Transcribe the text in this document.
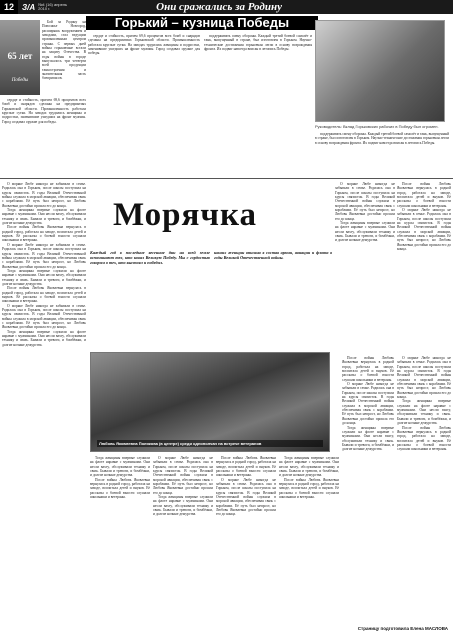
12	З/А №4 (16) апрель 2010 г.	Они сражались за Родину
65 лет
Победы
Горький – кузница Победы

Бой за Родину на Поволжье Новгород, расширяясь вооружением и заводами, стал ведущим промышленным центром страны. С первых дней войны горьковчане встали на защиту Отечества. В годы войны в городе выпускалось три четверти всей продукции танкостроения и значительная часть боеприпасов.

сердце и стойкость, причем 69,6 процентов всех бомб и снарядов сделаны на предприятиях Горьковской области. Промышленность работала круглые сутки. На заводах трудились женщины и подростки, заменившие ушедших на фронт мужчин. Город создавал оружие для победы.

сердце и стойкость, причем 69,6 процентов всех бомб и снарядов сделаны на предприятиях Горьковской области. Промышленность работала круглые сутки. На заводах трудились женщины и подростки, заменившие ушедших на фронт мужчин. Город создавал оружие для победы.

поддерживать смену обороны. Каждый третий боевой самолёт и танк, выпущенный в стране, был изготовлен в Горьком. Научно-технические достижения горьковчан легли в основу возрождения фронта. Их подвиг навсегда вписан в летопись Победы.

Руководитель: Вклад Горьковских рабочих в Победу был огромен.

поддерживать смену обороны. Каждый третий боевой самолёт и танк, выпущенный в стране, был изготовлен в Горьком. Научно-технические достижения горьковчан легли в основу возрождения фронта. Их подвиг навсегда вписан в летопись Победы.

О моряке Любе никогда не забывали в семье. Родилась она в Горьком, после школы поступила на курсы связисток. В годы Великой Отечественной войны служила в морской авиации, обеспечивая связь с кораблями. Её путь был непрост, но Любовь Яковлевна достойно прошла его до конца.

Тогда женщины впервые служили на флоте наравне с мужчинами. Они несли вахту, обслуживали технику и связь. Бывали и тревоги, и бомбёжки, и долгие ночные дежурства.

После войны Любовь Яковлевна вернулась в родной город, работала на заводе, воспитала детей и внуков. Её рассказы о боевой юности слушали школьники и ветераны.

О моряке Любе никогда не забывали в семье. Родилась она в Горьком, после школы поступила на курсы связисток. В годы Великой Отечественной войны служила в морской авиации, обеспечивая связь с кораблями. Её путь был непрост, но Любовь Яковлевна достойно прошла его до конца.

Тогда женщины впервые служили на флоте наравне с мужчинами. Они несли вахту, обслуживали технику и связь. Бывали и тревоги, и бомбёжки, и долгие ночные дежурства.

После войны Любовь Яковлевна вернулась в родной город, работала на заводе, воспитала детей и внуков. Её рассказы о боевой юности слушали школьники и ветераны.

О моряке Любе никогда не забывали в семье. Родилась она в Горьком, после школы поступила на курсы связисток. В годы Великой Отечественной войны служила в морской авиации, обеспечивая связь с кораблями. Её путь был непрост, но Любовь Яковлевна достойно прошла его до конца.

Тогда женщины впервые служили на флоте наравне с мужчинами. Они несли вахту, обслуживали технику и связь. Бывали и тревоги, и бомбёжки, и долгие ночные дежурства.

Морячка
Каждый год в последние весенние дни на всей земле вспоминают тех, кто ковал Великую Победу. Мы с гордостью говорим о тех, кто выстоял и победил.
наших женщин вписана в состав армии, авиации и флота в годы Великой Отечественной войны.

О моряке Любе никогда не забывали в семье. Родилась она в Горьком, после школы поступила на курсы связисток. В годы Великой Отечественной войны служила в морской авиации, обеспечивая связь с кораблями. Её путь был непрост, но Любовь Яковлевна достойно прошла его до конца.

Тогда женщины впервые служили на флоте наравне с мужчинами. Они несли вахту, обслуживали технику и связь. Бывали и тревоги, и бомбёжки, и долгие ночные дежурства.

После войны Любовь Яковлевна вернулась в родной город, работала на заводе, воспитала детей и внуков. Её рассказы о боевой юности слушали школьники и ветераны.

О моряке Любе никогда не забывали в семье. Родилась она в Горьком, после школы поступила на курсы связисток. В годы Великой Отечественной войны служила в морской авиации, обеспечивая связь с кораблями. Её путь был непрост, но Любовь Яковлевна достойно прошла его до конца.

Любовь Яковлевна Полякова (в центре) среди однополчан на встрече ветеранов

Тогда женщины впервые служили на флоте наравне с мужчинами. Они несли вахту, обслуживали технику и связь. Бывали и тревоги, и бомбёжки, и долгие ночные дежурства.

После войны Любовь Яковлевна вернулась в родной город, работала на заводе, воспитала детей и внуков. Её рассказы о боевой юности слушали школьники и ветераны.

О моряке Любе никогда не забывали в семье. Родилась она в Горьком, после школы поступила на курсы связисток. В годы Великой Отечественной войны служила в морской авиации, обеспечивая связь с кораблями. Её путь был непрост, но Любовь Яковлевна достойно прошла его до конца.

Тогда женщины впервые служили на флоте наравне с мужчинами. Они несли вахту, обслуживали технику и связь. Бывали и тревоги, и бомбёжки, и долгие ночные дежурства.

После войны Любовь Яковлевна вернулась в родной город, работала на заводе, воспитала детей и внуков. Её рассказы о боевой юности слушали школьники и ветераны.

О моряке Любе никогда не забывали в семье. Родилась она в Горьком, после школы поступила на курсы связисток. В годы Великой Отечественной войны служила в морской авиации, обеспечивая связь с кораблями. Её путь был непрост, но Любовь Яковлевна достойно прошла его до конца.

Тогда женщины впервые служили на флоте наравне с мужчинами. Они несли вахту, обслуживали технику и связь. Бывали и тревоги, и бомбёжки, и долгие ночные дежурства.

После войны Любовь Яковлевна вернулась в родной город, работала на заводе, воспитала детей и внуков. Её рассказы о боевой юности слушали школьники и ветераны.

После войны Любовь Яковлевна вернулась в родной город, работала на заводе, воспитала детей и внуков. Её рассказы о боевой юности слушали школьники и ветераны.

О моряке Любе никогда не забывали в семье. Родилась она в Горьком, после школы поступила на курсы связисток. В годы Великой Отечественной войны служила в морской авиации, обеспечивая связь с кораблями. Её путь был непрост, но Любовь Яковлевна достойно прошла его до конца.

Тогда женщины впервые служили на флоте наравне с мужчинами. Они несли вахту, обслуживали технику и связь. Бывали и тревоги, и бомбёжки, и долгие ночные дежурства.

О моряке Любе никогда не забывали в семье. Родилась она в Горьком, после школы поступила на курсы связисток. В годы Великой Отечественной войны служила в морской авиации, обеспечивая связь с кораблями. Её путь был непрост, но Любовь Яковлевна достойно прошла его до конца.

Тогда женщины впервые служили на флоте наравне с мужчинами. Они несли вахту, обслуживали технику и связь. Бывали и тревоги, и бомбёжки, и долгие ночные дежурства.

После войны Любовь Яковлевна вернулась в родной город, работала на заводе, воспитала детей и внуков. Её рассказы о боевой юности слушали школьники и ветераны.

Страницу подготовила Елена МАСЛОВА
